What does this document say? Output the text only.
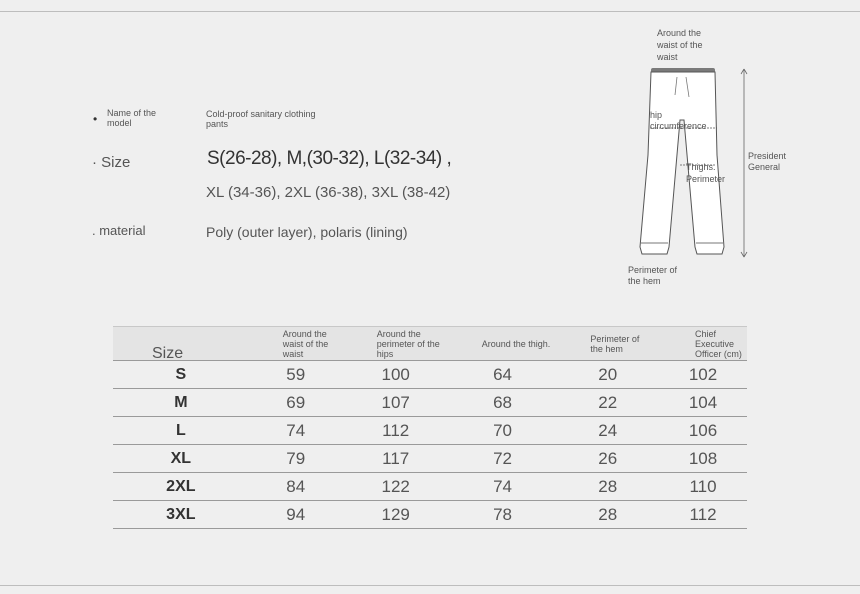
• Name of the model
Cold-proof sanitary clothing pants
· Size	S(26-28), M,(30-32), L(32-34) ,
XL (34-36), 2XL (36-38), 3XL (38-42)
. material	Poly (outer layer), polaris (lining)
Around the waist of the waist
hip circumference
Thighs. Perimeter
President General
Perimeter of the hem
Size	Around the waist of the waist	Around the perimeter of the hips	Around the thigh.	Perimeter of the hem	Chief Executive Officer (cm)

S	59	100	64	20	102
M	69	107	68	22	104
L	74	112	70	24	106
XL	79	117	72	26	108
2XL	84	122	74	28	110
3XL	94	129	78	28	112
